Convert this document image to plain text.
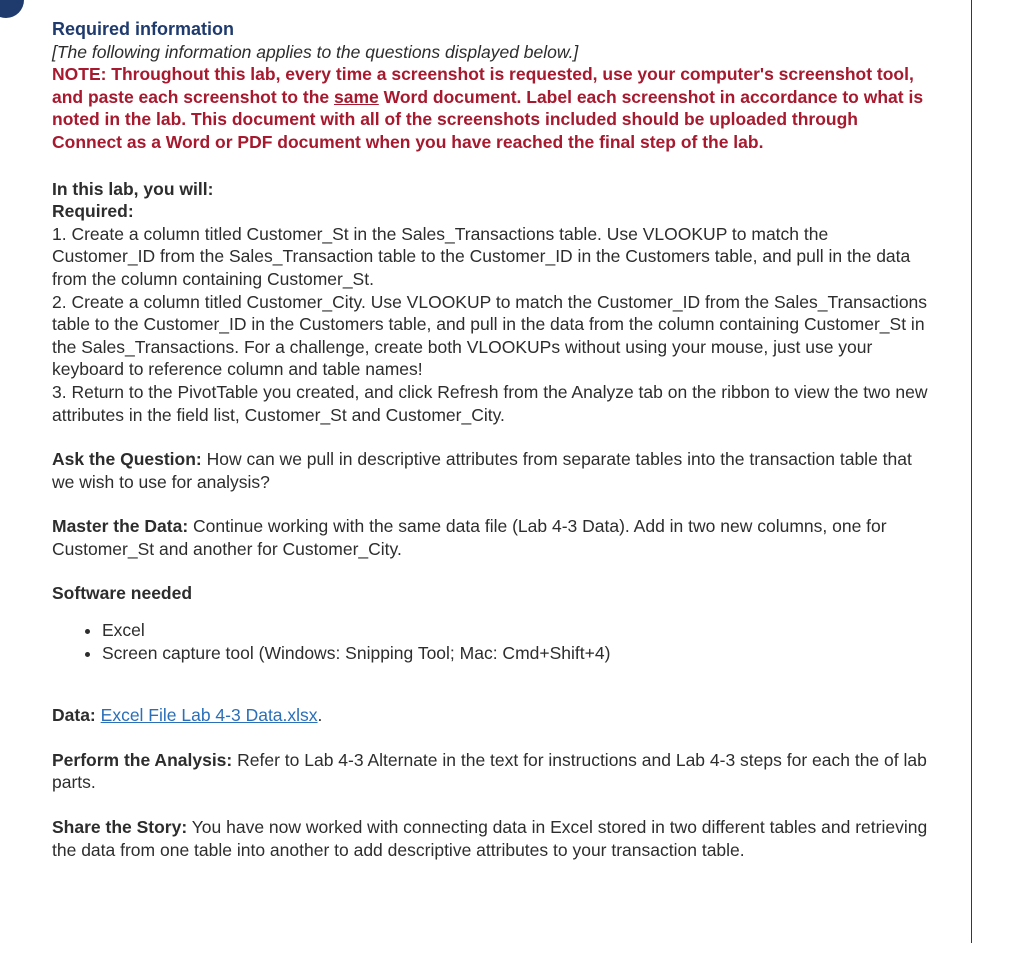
Required information

[The following information applies to the questions displayed below.]

NOTE: Throughout this lab, every time a screenshot is requested, use your computer's screenshot tool, and paste each screenshot to the same Word document. Label each screenshot in accordance to what is noted in the lab. This document with all of the screenshots included should be uploaded through Connect as a Word or PDF document when you have reached the final step of the lab.

In this lab, you will:

Required:

1. Create a column titled Customer_St in the Sales_Transactions table. Use VLOOKUP to match the Customer_ID from the Sales_Transaction table to the Customer_ID in the Customers table, and pull in the data from the column containing Customer_St.

2. Create a column titled Customer_City. Use VLOOKUP to match the Customer_ID from the Sales_Transactions table to the Customer_ID in the Customers table, and pull in the data from the column containing Customer_St in the Sales_Transactions. For a challenge, create both VLOOKUPs without using your mouse, just use your keyboard to reference column and table names!

3. Return to the PivotTable you created, and click Refresh from the Analyze tab on the ribbon to view the two new attributes in the field list, Customer_St and Customer_City.

Ask the Question: How can we pull in descriptive attributes from separate tables into the transaction table that we wish to use for analysis?

Master the Data: Continue working with the same data file (Lab 4-3 Data). Add in two new columns, one for Customer_St and another for Customer_City.

Software needed

• Excel
• Screen capture tool (Windows: Snipping Tool; Mac: Cmd+Shift+4)

Data: Excel File Lab 4-3 Data.xlsx.

Perform the Analysis: Refer to Lab 4-3 Alternate in the text for instructions and Lab 4-3 steps for each the of lab parts.

Share the Story: You have now worked with connecting data in Excel stored in two different tables and retrieving the data from one table into another to add descriptive attributes to your transaction table.
